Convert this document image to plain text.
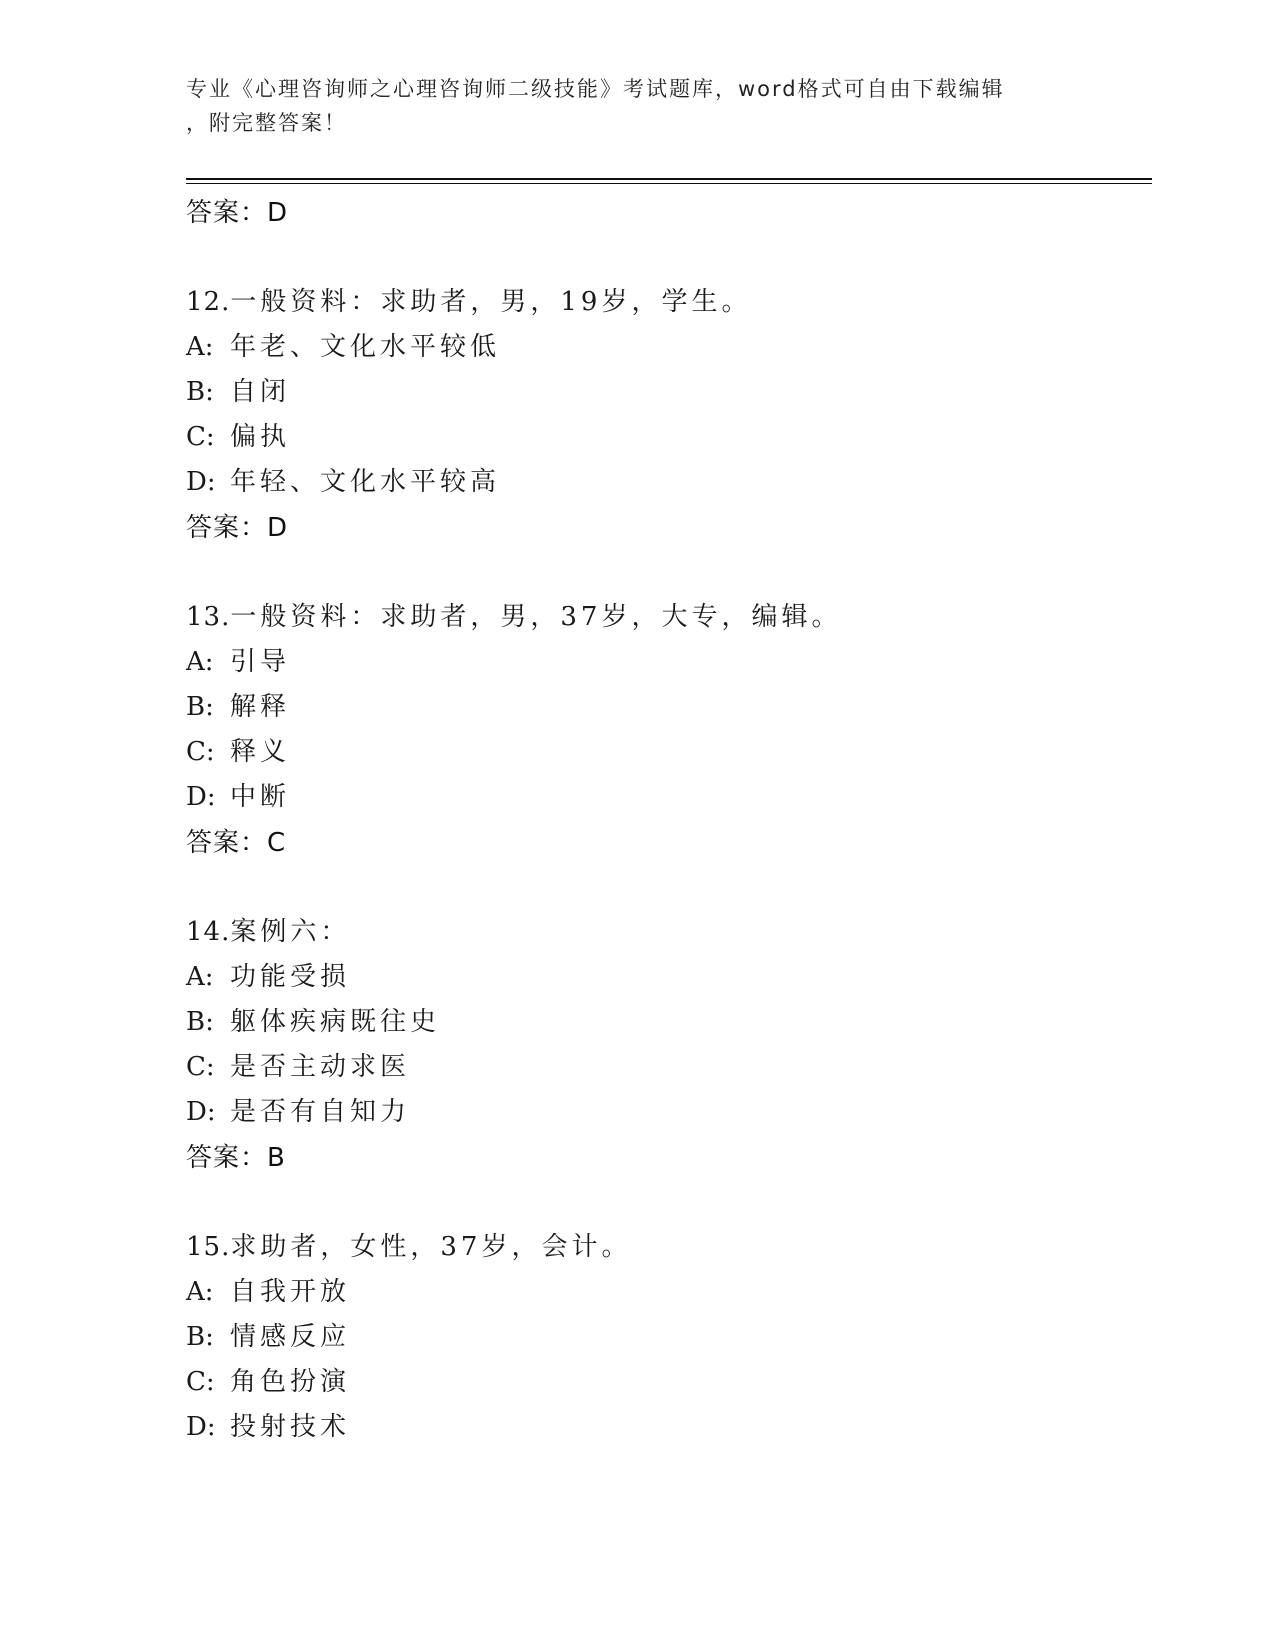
专业《心理咨询师之心理咨询师二级技能》考试题库，word格式可自由下载编辑
，附完整答案！
答案：D
12.一般资料：求助者，男，19岁，学生。
A: 年老、文化水平较低
B: 自闭
C: 偏执
D: 年轻、文化水平较高
答案：D
13.一般资料：求助者，男，37岁，大专，编辑。
A: 引导
B: 解释
C: 释义
D: 中断
答案：C
14.案例六：
A: 功能受损
B: 躯体疾病既往史
C: 是否主动求医
D: 是否有自知力
答案：B
15.求助者，女性，37岁，会计。
A: 自我开放
B: 情感反应
C: 角色扮演
D: 投射技术
